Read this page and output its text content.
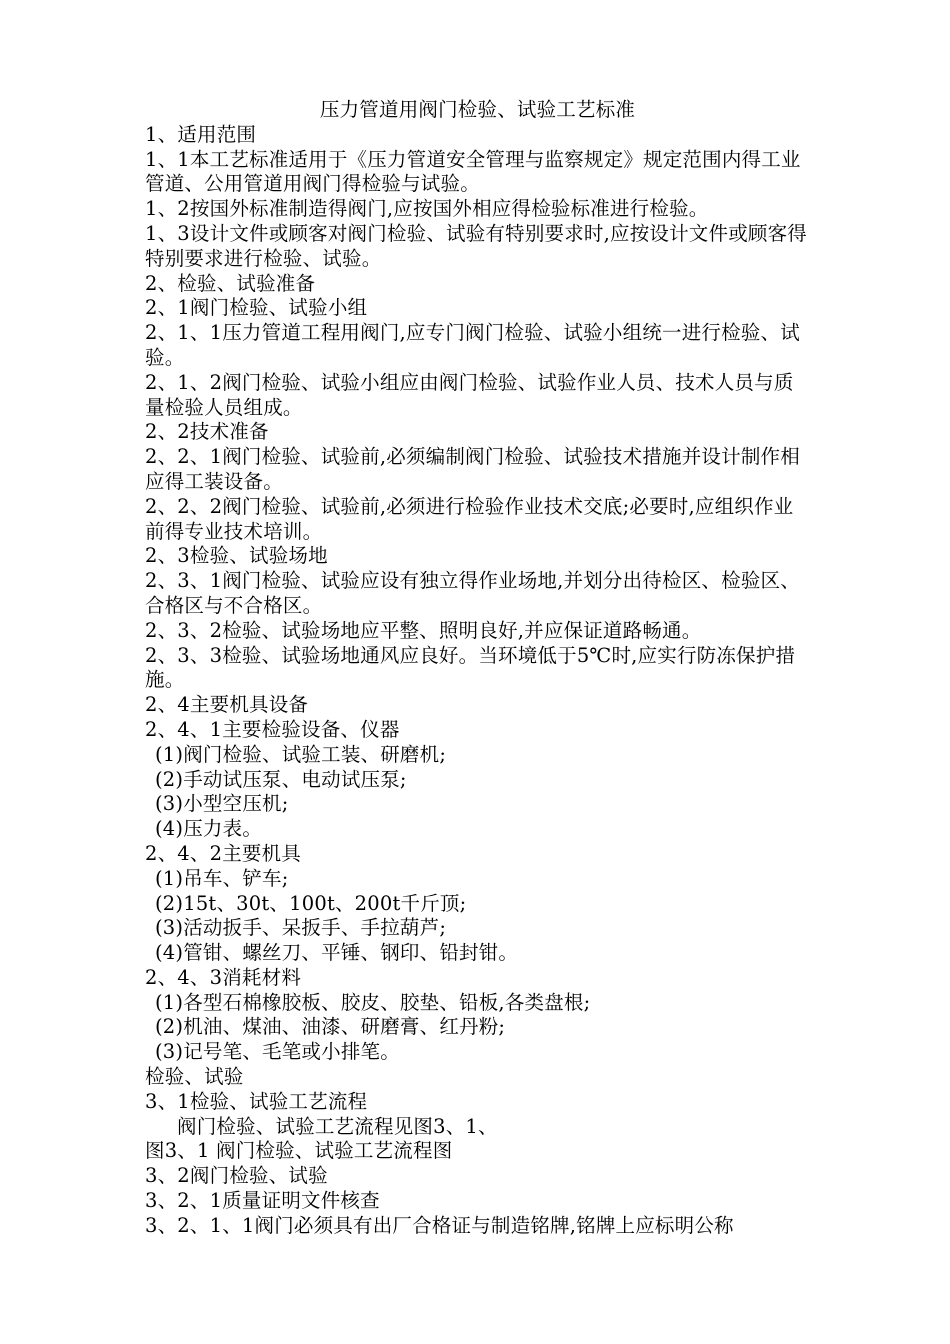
压力管道用阀门检验、试验工艺标准
1、适用范围
1、1本工艺标准适用于《压力管道安全管理与监察规定》规定范围内得工业管道、公用管道用阀门得检验与试验。
1、2按国外标准制造得阀门,应按国外相应得检验标准进行检验。
1、3设计文件或顾客对阀门检验、试验有特别要求时,应按设计文件或顾客得特别要求进行检验、试验。
2、检验、试验准备
2、1阀门检验、试验小组
2、1、1压力管道工程用阀门,应专门阀门检验、试验小组统一进行检验、试验。
2、1、2阀门检验、试验小组应由阀门检验、试验作业人员、技术人员与质量检验人员组成。
2、2技术准备
2、2、1阀门检验、试验前,必须编制阀门检验、试验技术措施并设计制作相应得工装设备。
2、2、2阀门检验、试验前,必须进行检验作业技术交底;必要时,应组织作业前得专业技术培训。
2、3检验、试验场地
2、3、1阀门检验、试验应设有独立得作业场地,并划分出待检区、检验区、合格区与不合格区。
2、3、2检验、试验场地应平整、照明良好,并应保证道路畅通。
2、3、3检验、试验场地通风应良好。当环境低于5℃时,应实行防冻保护措施。
2、4主要机具设备
2、4、1主要检验设备、仪器
(1)阀门检验、试验工装、研磨机;
(2)手动试压泵、电动试压泵;
(3)小型空压机;
(4)压力表。
2、4、2主要机具
(1)吊车、铲车;
(2)15t、30t、100t、200t千斤顶;
(3)活动扳手、呆扳手、手拉葫芦;
(4)管钳、螺丝刀、平锤、钢印、铅封钳。
2、4、3消耗材料
(1)各型石棉橡胶板、胶皮、胶垫、铅板,各类盘根;
(2)机油、煤油、油漆、研磨膏、红丹粉;
(3)记号笔、毛笔或小排笔。
检验、试验
3、1检验、试验工艺流程
阀门检验、试验工艺流程见图3、1、
图3、1 阀门检验、试验工艺流程图
3、2阀门检验、试验
3、2、1质量证明文件核查
3、2、1、1阀门必须具有出厂合格证与制造铭牌,铭牌上应标明公称
